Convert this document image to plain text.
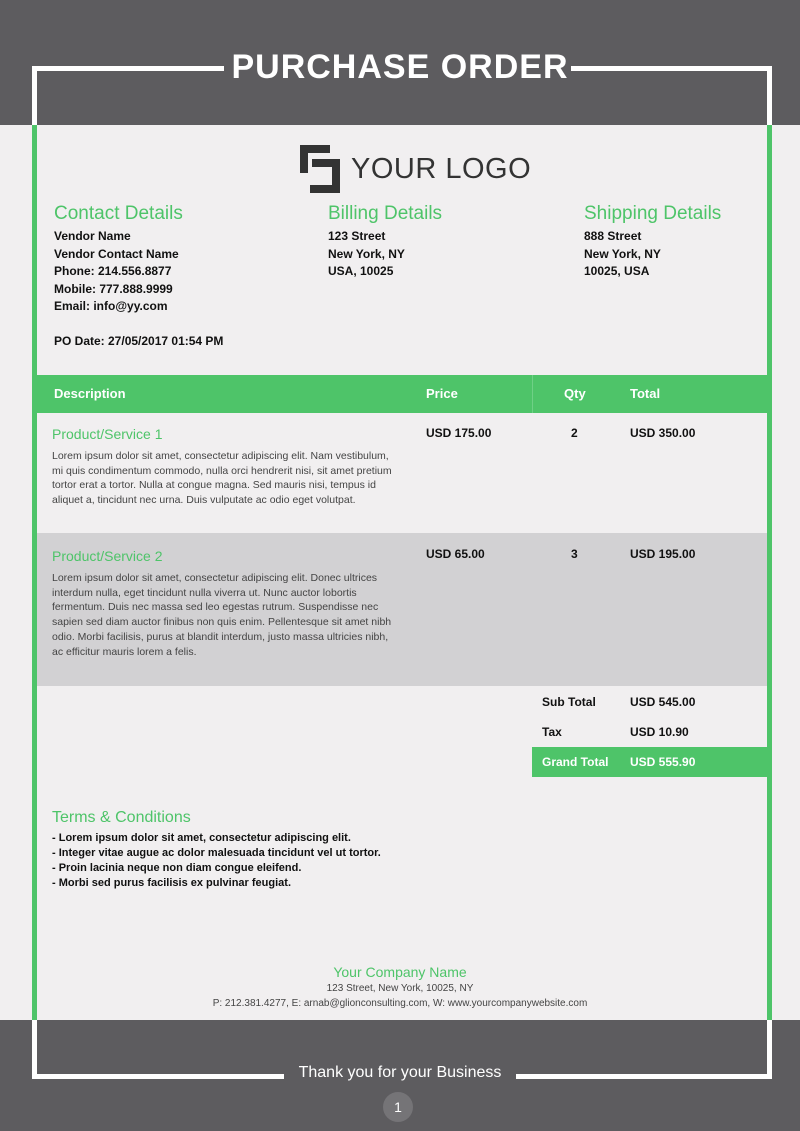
PURCHASE ORDER
YOUR LOGO
Contact Details
Vendor Name
Vendor Contact Name
Phone: 214.556.8877
Mobile: 777.888.9999
Email: info@yy.com
Billing Details
123 Street
New York, NY
USA, 10025
Shipping Details
888 Street
New York, NY
10025, USA
PO Date: 27/05/2017 01:54 PM
Description	Price	Qty	Total
Product/Service 1
Lorem ipsum dolor sit amet, consectetur adipiscing elit. Nam vestibulum, mi quis condimentum commodo, nulla orci hendrerit nisi, sit amet pretium tortor erat a tortor. Nulla at congue magna. Sed mauris nisi, tempus id aliquet a, tincidunt nec urna. Duis vulputate ac odio eget volutpat.
USD 175.00	2	USD 350.00
Product/Service 2
Lorem ipsum dolor sit amet, consectetur adipiscing elit. Donec ultrices interdum nulla, eget tincidunt nulla viverra ut. Nunc auctor lobortis fermentum. Duis nec massa sed leo egestas rutrum. Suspendisse nec sapien sed diam auctor finibus non quis enim. Pellentesque sit amet nibh odio. Morbi facilisis, purus at blandit interdum, justo massa ultricies nibh, ac efficitur mauris lorem a felis.
USD 65.00	3	USD 195.00
Sub Total	USD 545.00
Tax	USD 10.90
Grand Total USD 555.90
Terms & Conditions
- Lorem ipsum dolor sit amet, consectetur adipiscing elit.
- Integer vitae augue ac dolor malesuada tincidunt vel ut tortor.
- Proin lacinia neque non diam congue eleifend.
- Morbi sed purus facilisis ex pulvinar feugiat.
Your Company Name
123 Street, New York, 10025, NY
P: 212.381.4277, E: arnab@glionconsulting.com, W: www.yourcompanywebsite.com
Thank you for your Business
1
